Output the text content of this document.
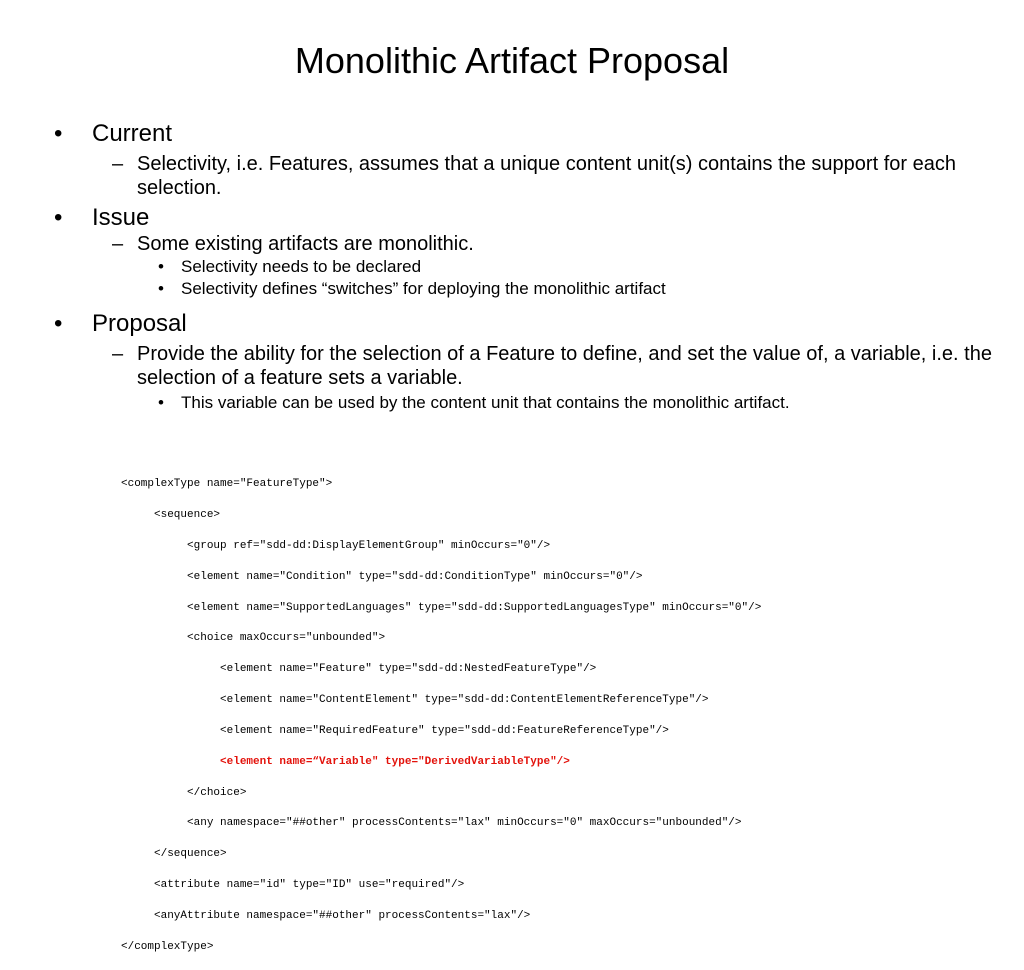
Monolithic Artifact Proposal
• Current
– Selectivity, i.e. Features, assumes that a unique content unit(s) contains the support for each selection.
• Issue
– Some existing artifacts are monolithic.
• Selectivity needs to be declared
• Selectivity defines “switches” for deploying the monolithic artifact
• Proposal
– Provide the ability for the selection of a Feature to define, and set the value of, a variable, i.e. the selection of a feature sets a variable.
• This variable can be used by the content unit that contains the monolithic artifact.

<complexType name="FeatureType">

<sequence>

<group ref="sdd-dd:DisplayElementGroup" minOccurs="0"/>

<element name="Condition" type="sdd-dd:ConditionType" minOccurs="0"/>

<element name="SupportedLanguages" type="sdd-dd:SupportedLanguagesType" minOccurs="0"/>

<choice maxOccurs="unbounded">

<element name="Feature" type="sdd-dd:NestedFeatureType"/>

<element name="ContentElement" type="sdd-dd:ContentElementReferenceType"/>

<element name="RequiredFeature" type="sdd-dd:FeatureReferenceType"/>

<element name=“Variable" type="DerivedVariableType"/>

</choice>

<any namespace="##other" processContents="lax" minOccurs="0" maxOccurs="unbounded"/>

</sequence>

<attribute name="id" type="ID" use="required"/>

<anyAttribute namespace="##other" processContents="lax"/>

</complexType>
